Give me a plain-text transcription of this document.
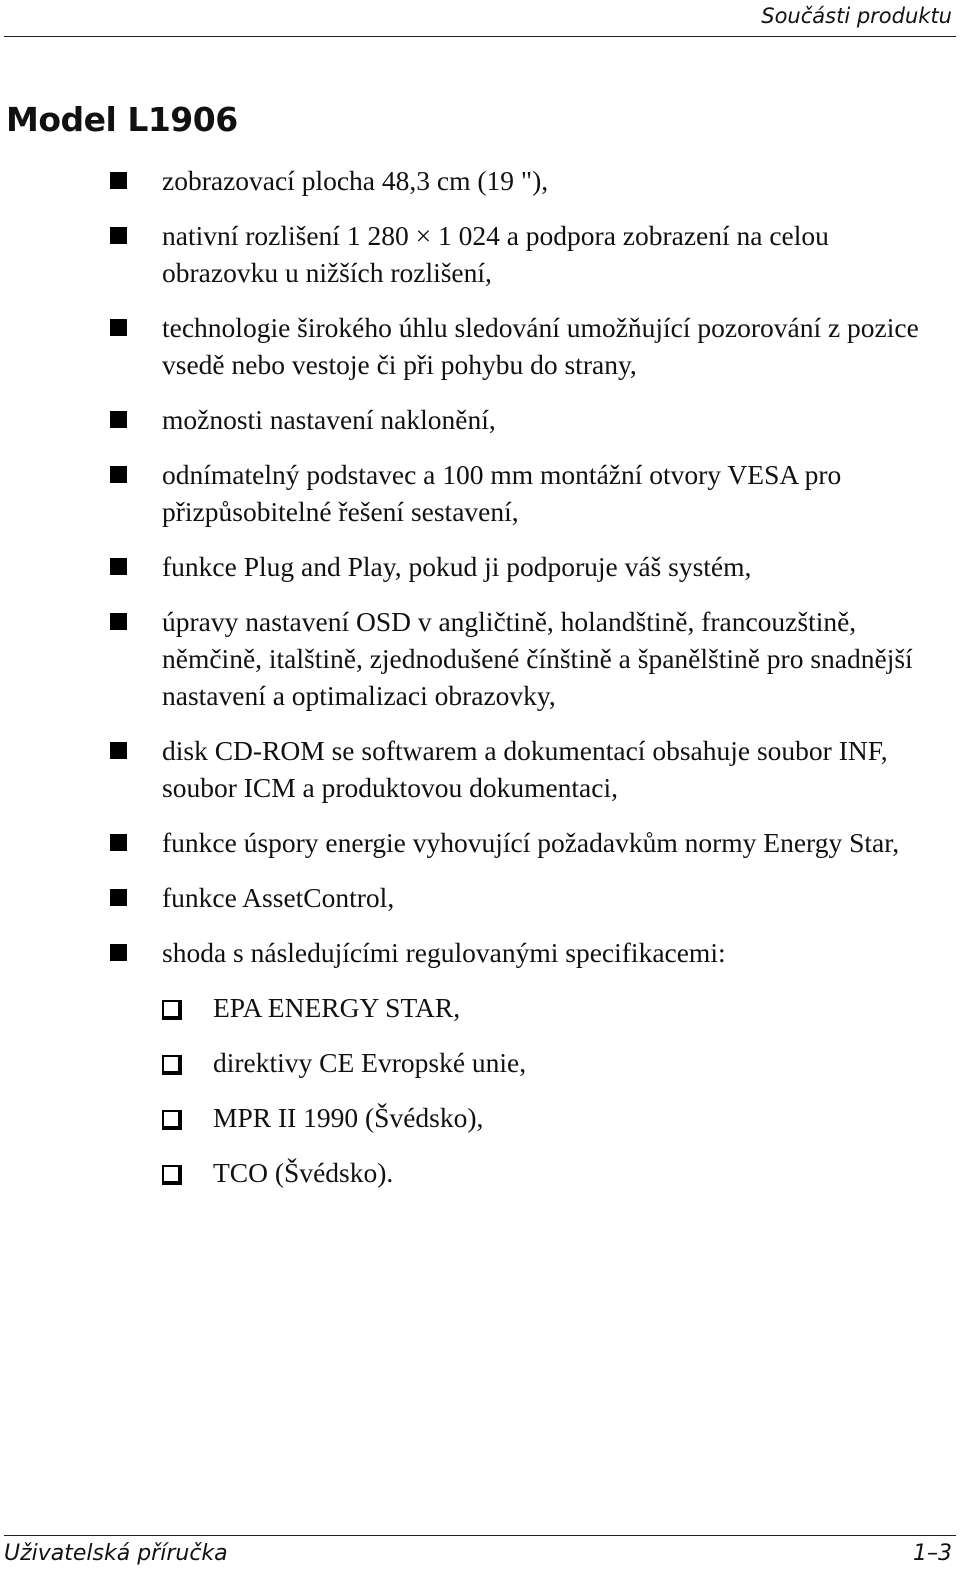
Součásti produktu
Model L1906
zobrazovací plocha 48,3 cm (19 "),
nativní rozlišení 1 280 × 1 024 a podpora zobrazení na celou obrazovku u nižších rozlišení,
technologie širokého úhlu sledování umožňující pozorování z pozice vsedě nebo vestoje či při pohybu do strany,
možnosti nastavení naklonění,
odnímatelný podstavec a 100 mm montážní otvory VESA pro přizpůsobitelné řešení sestavení,
funkce Plug and Play, pokud ji podporuje váš systém,
úpravy nastavení OSD v angličtině, holandštině, francouzštině, němčině, italštině, zjednodušené čínštině a španělštině pro snadnější nastavení a optimalizaci obrazovky,
disk CD-ROM se softwarem a dokumentací obsahuje soubor INF, soubor ICM a produktovou dokumentaci,
funkce úspory energie vyhovující požadavkům normy Energy Star,
funkce AssetControl,
shoda s následujícími regulovanými specifikacemi:
EPA ENERGY STAR,
direktivy CE Evropské unie,
MPR II 1990 (Švédsko),
TCO (Švédsko).
Uživatelská příručka	1–3
